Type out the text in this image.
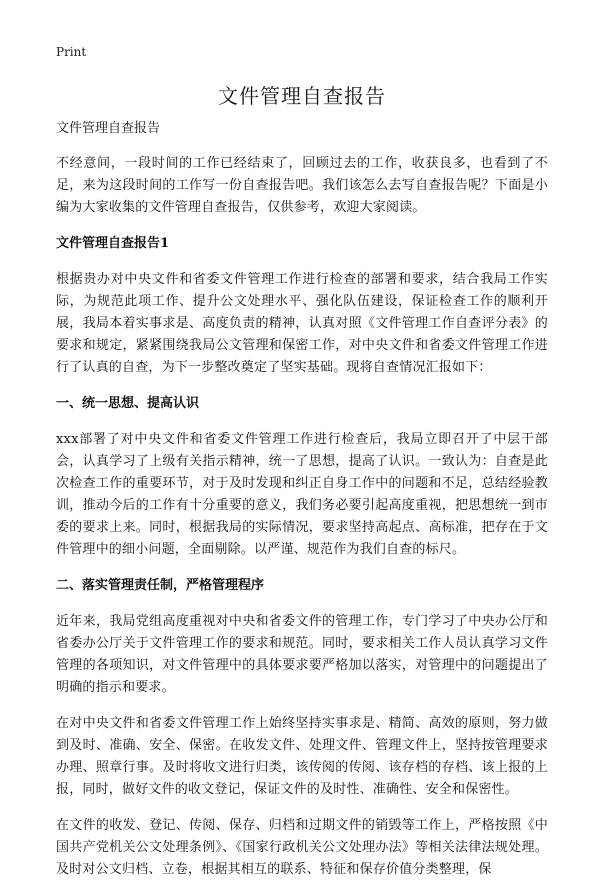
Print
文件管理自查报告

文件管理自查报告

不经意间，一段时间的工作已经结束了，回顾过去的工作，收获良多，也看到了不足，来为这段时间的工作写一份自查报告吧。我们该怎么去写自查报告呢？下面是小编为大家收集的文件管理自查报告，仅供参考，欢迎大家阅读。

文件管理自查报告1

根据贵办对中央文件和省委文件管理工作进行检查的部署和要求，结合我局工作实际，为规范此项工作、提升公文处理水平、强化队伍建设，保证检查工作的顺利开展，我局本着实事求是、高度负责的精神，认真对照《文件管理工作自查评分表》的要求和规定，紧紧围绕我局公文管理和保密工作，对中央文件和省委文件管理工作进行了认真的自查，为下一步整改奠定了坚实基础。现将自查情况汇报如下：

一、统一思想、提高认识

xxx部署了对中央文件和省委文件管理工作进行检查后，我局立即召开了中层干部会，认真学习了上级有关指示精神，统一了思想，提高了认识。一致认为：自查是此次检查工作的重要环节，对于及时发现和纠正自身工作中的问题和不足，总结经验教训，推动今后的工作有十分重要的意义，我们务必要引起高度重视，把思想统一到市委的要求上来。同时，根据我局的实际情况，要求坚持高起点、高标准，把存在于文件管理中的细小问题，全面剔除。以严谨、规范作为我们自查的标尺。

二、落实管理责任制，严格管理程序

近年来，我局党组高度重视对中央和省委文件的管理工作，专门学习了中央办公厅和省委办公厅关于文件管理工作的要求和规范。同时，要求相关工作人员认真学习文件管理的各项知识，对文件管理中的具体要求要严格加以落实，对管理中的问题提出了明确的指示和要求。

在对中央文件和省委文件管理工作上始终坚持实事求是、精简、高效的原则，努力做到及时、准确、安全、保密。在收发文件、处理文件、管理文件上，坚持按管理要求办理、照章行事。及时将收文进行归类，该传阅的传阅、该存档的存档、该上报的上报，同时，做好文件的收文登记，保证文件的及时性、准确性、安全和保密性。

在文件的收发、登记、传阅、保存、归档和过期文件的销毁等工作上，严格按照《中国共产党机关公文处理条例》、《国家行政机关公文处理办法》等相关法律法规处理。及时对公文归档、立卷，根据其相互的联系、特征和保存价值分类整理，保
